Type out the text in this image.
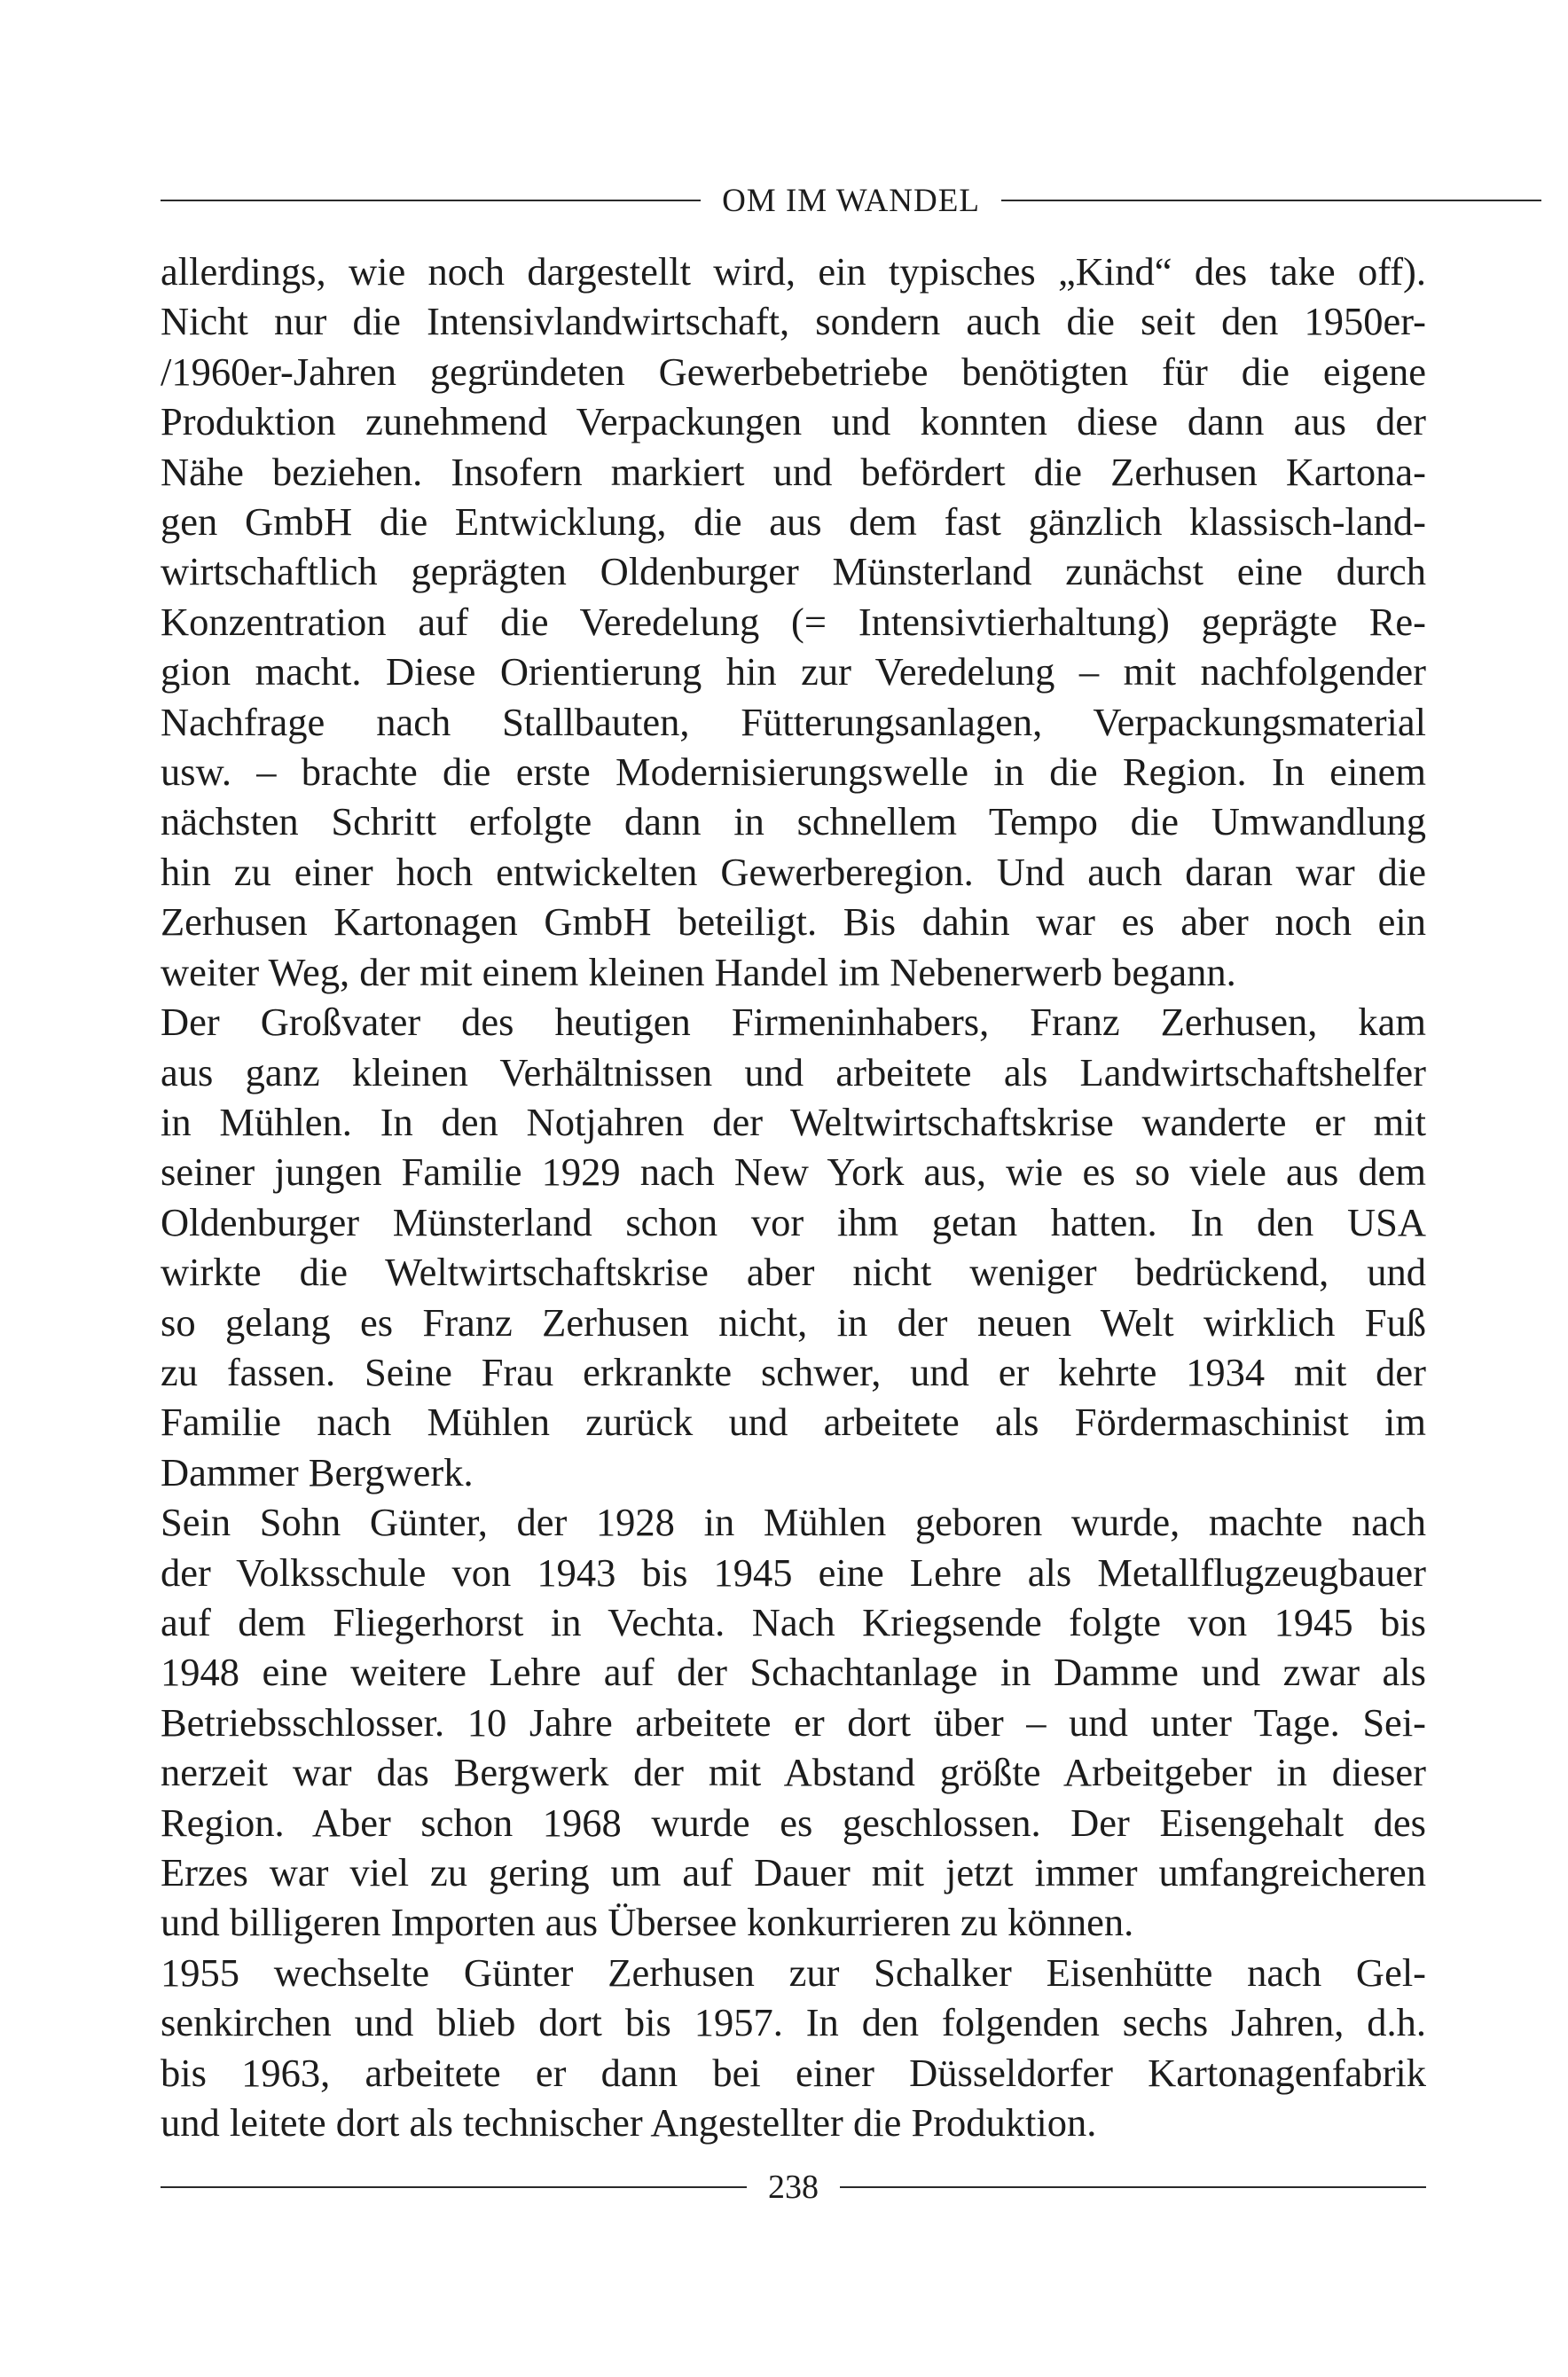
OM IM WANDEL

allerdings, wie noch dargestellt wird, ein typisches „Kind“ des take off).
Nicht nur die Intensivlandwirtschaft, sondern auch die seit den 1950er-
/1960er-Jahren gegründeten Gewerbebetriebe benötigten für die eigene
Produktion zunehmend Verpackungen und konnten diese dann aus der
Nähe beziehen. Insofern markiert und befördert die Zerhusen Kartona-
gen GmbH die Entwicklung, die aus dem fast gänzlich klassisch-land-
wirtschaftlich geprägten Oldenburger Münsterland zunächst eine durch
Konzentration auf die Veredelung (= Intensivtierhaltung) geprägte Re-
gion macht. Diese Orientierung hin zur Veredelung – mit nachfolgender
Nachfrage nach Stallbauten, Fütterungsanlagen, Verpackungsmaterial
usw. – brachte die erste Modernisierungswelle in die Region. In einem
nächsten Schritt erfolgte dann in schnellem Tempo die Umwandlung
hin zu einer hoch entwickelten Gewerberegion. Und auch daran war die
Zerhusen Kartonagen GmbH beteiligt. Bis dahin war es aber noch ein
weiter Weg, der mit einem kleinen Handel im Nebenerwerb begann.

Der Großvater des heutigen Firmeninhabers, Franz Zerhusen, kam
aus ganz kleinen Verhältnissen und arbeitete als Landwirtschaftshelfer
in Mühlen. In den Notjahren der Weltwirtschaftskrise wanderte er mit
seiner jungen Familie 1929 nach New York aus, wie es so viele aus dem
Oldenburger Münsterland schon vor ihm getan hatten. In den USA
wirkte die Weltwirtschaftskrise aber nicht weniger bedrückend, und
so gelang es Franz Zerhusen nicht, in der neuen Welt wirklich Fuß
zu fassen. Seine Frau erkrankte schwer, und er kehrte 1934 mit der
Familie nach Mühlen zurück und arbeitete als Fördermaschinist im
Dammer Bergwerk.

Sein Sohn Günter, der 1928 in Mühlen geboren wurde, machte nach
der Volksschule von 1943 bis 1945 eine Lehre als Metallflugzeugbauer
auf dem Fliegerhorst in Vechta. Nach Kriegsende folgte von 1945 bis
1948 eine weitere Lehre auf der Schachtanlage in Damme und zwar als
Betriebsschlosser. 10 Jahre arbeitete er dort über – und unter Tage. Sei-
nerzeit war das Bergwerk der mit Abstand größte Arbeitgeber in dieser
Region. Aber schon 1968 wurde es geschlossen. Der Eisengehalt des
Erzes war viel zu gering um auf Dauer mit jetzt immer umfangreicheren
und billigeren Importen aus Übersee konkurrieren zu können.

1955 wechselte Günter Zerhusen zur Schalker Eisenhütte nach Gel-
senkirchen und blieb dort bis 1957. In den folgenden sechs Jahren, d.h.
bis 1963, arbeitete er dann bei einer Düsseldorfer Kartonagenfabrik
und leitete dort als technischer Angestellter die Produktion.

238
